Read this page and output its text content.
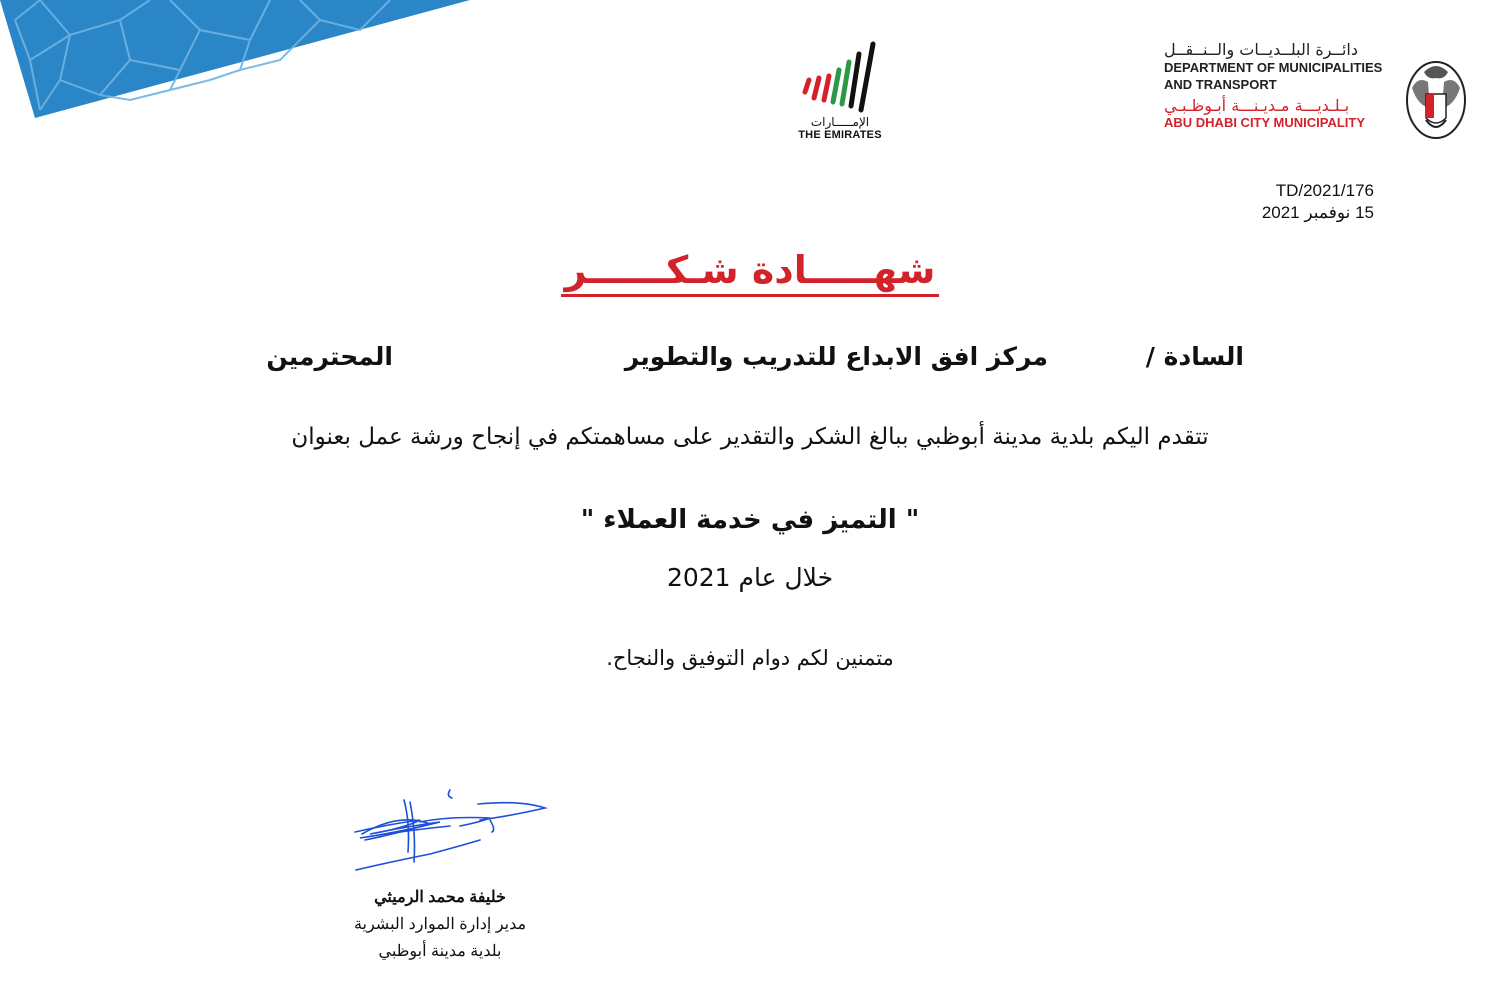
الإمـــــارات
THE EMIRATES
دائــرة البلــديــات والــنــقــل
DEPARTMENT OF MUNICIPALITIES
AND TRANSPORT
بـلـديـــة مـديـنـــة أبـوظـبـي
ABU DHABI CITY MUNICIPALITY
TD/2021/176
15 نوفمبر 2021
شهـــــادة شـكــــــر
السادة /
مركز افق الابداع للتدريب والتطوير
المحترمين
تتقدم اليكم بلدية مدينة أبوظبي ببالغ الشكر والتقدير على مساهمتكم في إنجاح ورشة عمل بعنوان
" التميز في خدمة العملاء "
خلال عام 2021
متمنين لكم دوام التوفيق والنجاح.
خليفة محمد الرميثي
مدير إدارة الموارد البشرية
بلدية مدينة أبوظبي
